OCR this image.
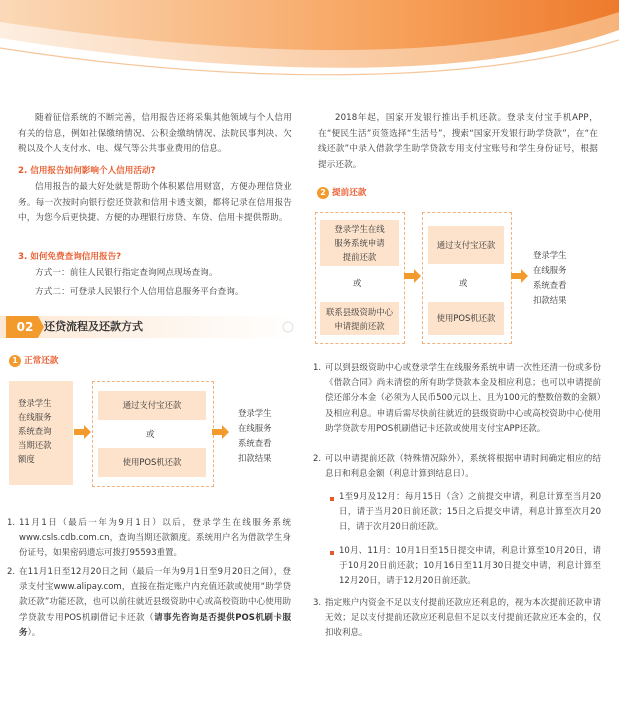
随着征信系统的不断完善，信用报告还将采集其他领域与个人信用有关的信息，例如社保缴纳情况、公积金缴纳情况、法院民事判决、欠税以及个人支付水、电、煤气等公共事业费用的信息。
2. 信用报告如何影响个人信用活动?
信用报告的最大好处就是帮助个体积累信用财富，方便办理信贷业务。每一次按时向银行偿还贷款和信用卡透支额，都将记录在信用报告中，为您今后更快捷、方便的办理银行房贷、车贷、信用卡提供帮助。
3. 如何免费查询信用报告?
方式一：前往人民银行指定查询网点现场查询。
方式二：可登录人民银行个人信用信息服务平台查询。
02 还贷流程及还款方式
1 正常还款
登录学生
在线服务
系统查询
当期还款
额度
通过支付宝还款
或
使用POS机还款
登录学生
在线服务
系统查看
扣款结果
1. 11月1日（最后一年为9月1日）以后，登录学生在线服务系统www.csls.cdb.com.cn，查询当期还款额度。系统用户名为借款学生身份证号，如果密码遗忘可拨打95593重置。
2. 在11月1日至12月20日之间（最后一年为9月1日至9月20日之间），登录支付宝www.alipay.com，直接在指定账户内充值还款或使用“助学贷款还款”功能还款，也可以前往就近县级资助中心或高校资助中心使用助学贷款专用POS机刷借记卡还款（请事先咨询是否提供POS机刷卡服务）。
2018年起，国家开发银行推出手机还款。登录支付宝手机APP，在“便民生活”页签选择“生活号”，搜索“国家开发银行助学贷款”，在“在线还款”中录入借款学生助学贷款专用支付宝账号和学生身份证号，根据提示还款。
2 提前还款
登录学生在线
服务系统申请
提前还款
或
联系县级资助中心
申请提前还款
通过支付宝还款
或
使用POS机还款
登录学生
在线服务
系统查看
扣款结果
1. 可以到县级资助中心或登录学生在线服务系统申请一次性还清一份或多份《借款合同》尚未清偿的所有助学贷款本金及相应利息；也可以申请提前偿还部分本金（必须为人民币500元以上、且为100元的整数倍数的金额）及相应利息。申请后需尽快前往就近的县级资助中心或高校资助中心使用助学贷款专用POS机刷借记卡还款或使用支付宝APP还款。
2. 可以申请提前还款（特殊情况除外），系统将根据申请时间确定相应的结息日和利息金额（利息计算到结息日）。
1至9月及12月：每月15日（含）之前提交申请，利息计算至当月20日，请于当月20日前还款；15日之后提交申请，利息计算至次月20日，请于次月20日前还款。
10月、11月：10月1日至15日提交申请，利息计算至10月20日，请于10月20日前还款；10月16日至11月30日提交申请，利息计算至12月20日，请于12月20日前还款。
3. 指定账户内资金不足以支付提前还款应还利息的，视为本次提前还款申请无效；足以支付提前还款应还利息但不足以支付提前还款应还本金的，仅扣收利息。
